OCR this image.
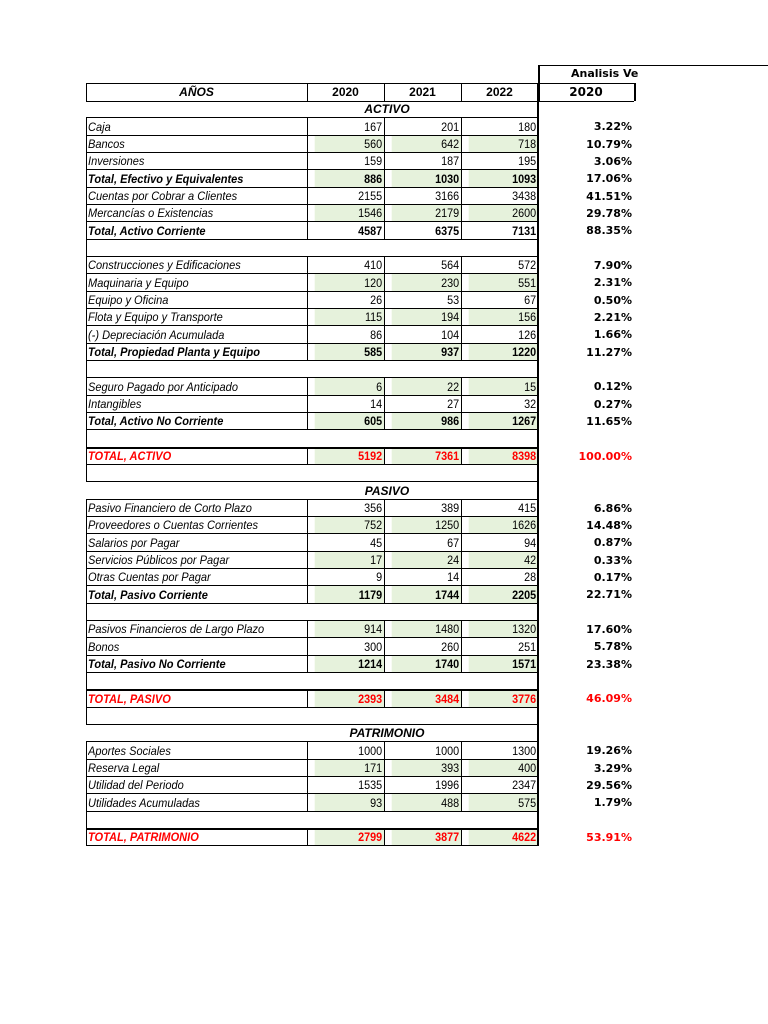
Analisis Ve
AÑOS	2020	2021	2022	2020
ACTIVO
Caja	167	201	180	3.22%
Bancos	560	642	718	10.79%
Inversiones	159	187	195	3.06%
Total, Efectivo y Equivalentes	886	1030	1093	17.06%
Cuentas por Cobrar a Clientes	2155	3166	3438	41.51%
Mercancías o Existencias	1546	2179	2600	29.78%
Total, Activo Corriente	4587	6375	7131	88.35%
Construcciones y Edificaciones	410	564	572	7.90%
Maquinaria y Equipo	120	230	551	2.31%
Equipo y Oficina	26	53	67	0.50%
Flota y Equipo y Transporte	115	194	156	2.21%
(-) Depreciación Acumulada	86	104	126	1.66%
Total, Propiedad Planta y Equipo	585	937	1220	11.27%
Seguro Pagado por Anticipado	6	22	15	0.12%
Intangibles	14	27	32	0.27%
Total, Activo No Corriente	605	986	1267	11.65%
TOTAL, ACTIVO	5192	7361	8398	100.00%
PASIVO
Pasivo Financiero de Corto Plazo	356	389	415	6.86%
Proveedores o Cuentas Corrientes	752	1250	1626	14.48%
Salarios por Pagar	45	67	94	0.87%
Servicios Públicos por Pagar	17	24	42	0.33%
Otras Cuentas por Pagar	9	14	28	0.17%
Total, Pasivo Corriente	1179	1744	2205	22.71%
Pasivos Financieros de Largo Plazo	914	1480	1320	17.60%
Bonos	300	260	251	5.78%
Total, Pasivo No Corriente	1214	1740	1571	23.38%
TOTAL, PASIVO	2393	3484	3776	46.09%
PATRIMONIO
Aportes Sociales	1000	1000	1300	19.26%
Reserva Legal	171	393	400	3.29%
Utilidad del Periodo	1535	1996	2347	29.56%
Utilidades Acumuladas	93	488	575	1.79%
TOTAL, PATRIMONIO	2799	3877	4622	53.91%
